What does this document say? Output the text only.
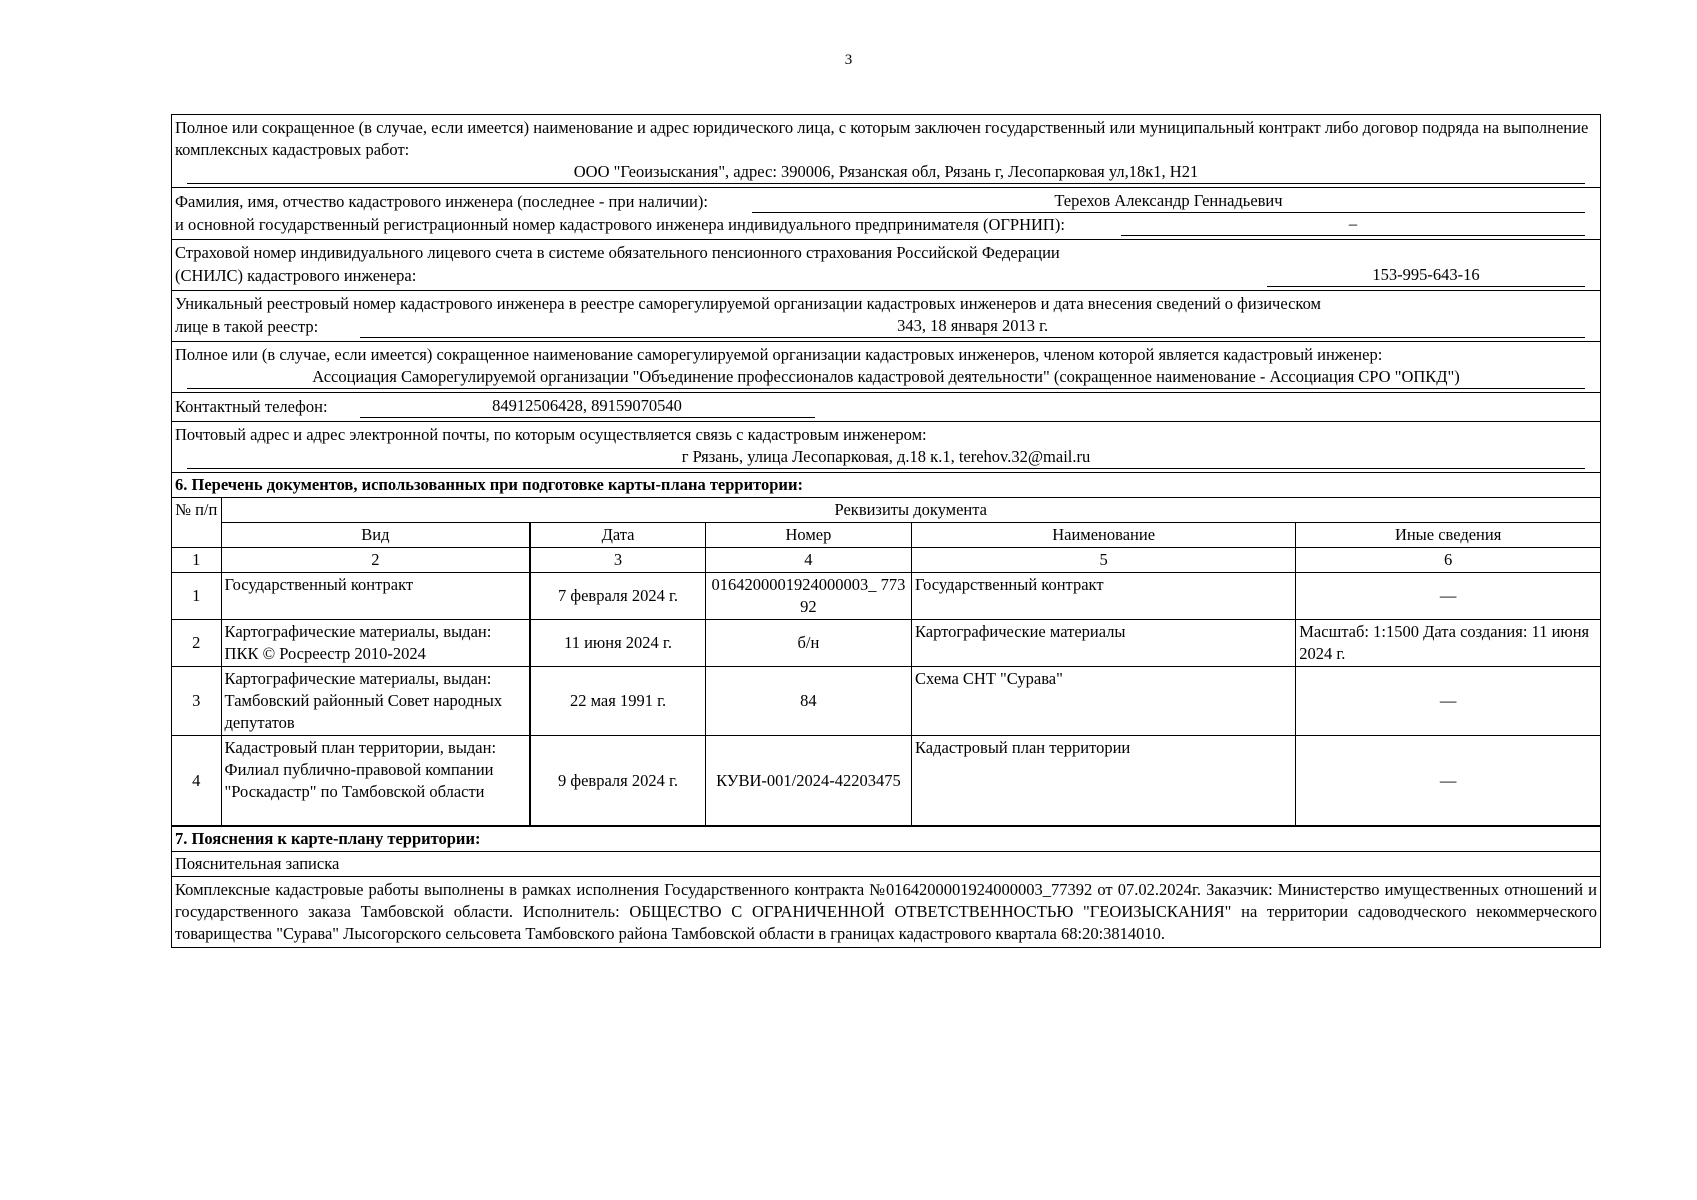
3
Полное или сокращенное (в случае, если имеется) наименование и адрес юридического лица, с которым заключен государственный или муниципальный контракт либо договор подряда на выполнение комплексных кадастровых работ:
ООО "Геоизыскания", адрес: 390006, Рязанская обл, Рязань г, Лесопарковая ул,18к1, Н21
Фамилия, имя, отчество кадастрового инженера (последнее - при наличии):	Терехов Александр Геннадьевич
и основной государственный регистрационный номер кадастрового инженера индивидуального предпринимателя (ОГРНИП):	–
Страховой номер индивидуального лицевого счета в системе обязательного пенсионного страхования Российской Федерации
(СНИЛС) кадастрового инженера:	153-995-643-16
Уникальный реестровый номер кадастрового инженера в реестре саморегулируемой организации кадастровых инженеров и дата внесения сведений о физическом
лице в такой реестр:	343, 18 января 2013 г.
Полное или (в случае, если имеется) сокращенное наименование саморегулируемой организации кадастровых инженеров, членом которой является кадастровый инженер:
Ассоциация Саморегулируемой организации "Объединение профессионалов кадастровой деятельности" (сокращенное наименование - Ассоциация СРО "ОПКД")
Контактный телефон:	84912506428, 89159070540
Почтовый адрес и адрес электронной почты, по которым осуществляется связь с кадастровым инженером:
г Рязань, улица Лесопарковая, д.18 к.1, terehov.32@mail.ru
6. Перечень документов, использованных при подготовке карты-плана территории:
№ п/п	Реквизиты документа				
	Вид	Дата	Номер	Наименование	Иные сведения
1	2	3	4	5	6
1	Государственный контракт	7 февраля 2024 г.	0164200001924000003_ 77392	Государственный контракт	—
2	Картографические материалы, выдан: ПКК © Росреестр 2010-2024	11 июня 2024 г.	б/н	Картографические материалы	Масштаб: 1:1500 Дата создания: 11 июня 2024 г.
3	Картографические материалы, выдан: Тамбовский районный Совет народных депутатов	22 мая 1991 г.	84	Схема СНТ "Сурава"	—
4	Кадастровый план территории, выдан: Филиал публично-правовой компании "Роскадастр" по Тамбовской области	9 февраля 2024 г.	КУВИ-001/2024-42203475	Кадастровый план территории	—
7. Пояснения к карте-плану территории:
Пояснительная записка
Комплексные кадастровые работы выполнены в рамках исполнения Государственного контракта №0164200001924000003_77392 от 07.02.2024г. Заказчик: Министерство имущественных отношений и государственного заказа Тамбовской области. Исполнитель: ОБЩЕСТВО С ОГРАНИЧЕННОЙ ОТВЕТСТВЕННОСТЬЮ "ГЕОИЗЫСКАНИЯ" на территории садоводческого некоммерческого товарищества "Сурава" Лысогорского сельсовета Тамбовского района Тамбовской области в границах кадастрового квартала 68:20:3814010.
